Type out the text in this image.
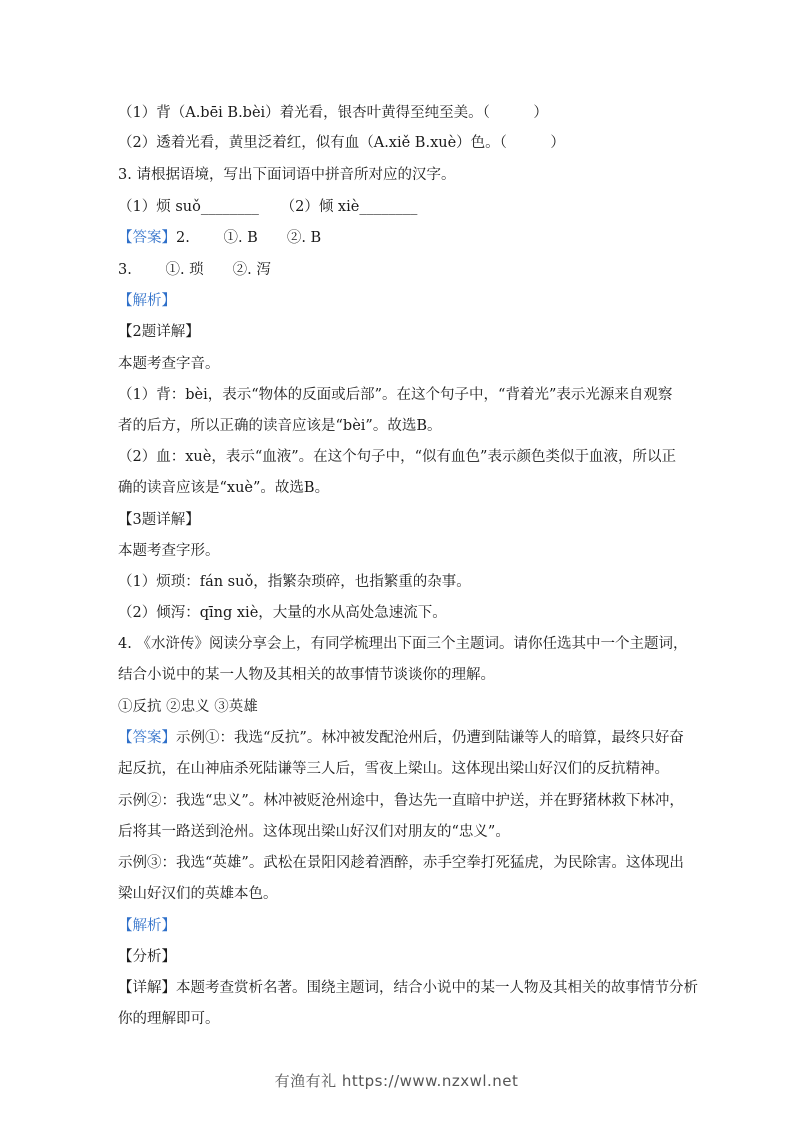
（1）背（A.bēi B.bèi）着光看，银杏叶黄得至纯至美。（　　　）
（2）透着光看，黄里泛着红，似有血（A.xiě B.xuè）色。（　　　）
3. 请根据语境，写出下面词语中拼音所对应的汉字。
（1）烦 suǒ________　　（2）倾 xiè________
【答案】2.　　 ①. B　　②. B
3.　　 ①. 琐　　②. 泻
【解析】
【2题详解】
本题考查字音。
（1）背：bèi，表示“物体的反面或后部”。在这个句子中，“背着光”表示光源来自观察
者的后方，所以正确的读音应该是“bèi”。故选B。
（2）血：xuè，表示“血液”。在这个句子中，“似有血色”表示颜色类似于血液，所以正
确的读音应该是“xuè”。故选B。
【3题详解】
本题考查字形。
（1）烦琐：fán suǒ，指繁杂琐碎，也指繁重的杂事。
（2）倾泻：qīng xiè，大量的水从高处急速流下。
4. 《水浒传》阅读分享会上，有同学梳理出下面三个主题词。请你任选其中一个主题词，
结合小说中的某一人物及其相关的故事情节谈谈你的理解。
①反抗 ②忠义 ③英雄
【答案】示例①：我选“反抗”。林冲被发配沧州后，仍遭到陆谦等人的暗算，最终只好奋
起反抗，在山神庙杀死陆谦等三人后，雪夜上梁山。这体现出梁山好汉们的反抗精神。
示例②：我选“忠义”。林冲被贬沧州途中，鲁达先一直暗中护送，并在野猪林救下林冲，
后将其一路送到沧州。这体现出梁山好汉们对朋友的“忠义”。
示例③：我选“英雄”。武松在景阳冈趁着酒醉，赤手空拳打死猛虎，为民除害。这体现出
梁山好汉们的英雄本色。
【解析】
【分析】
【详解】本题考查赏析名著。围绕主题词，结合小说中的某一人物及其相关的故事情节分析
你的理解即可。
有渔有礼 https://www.nzxwl.net
